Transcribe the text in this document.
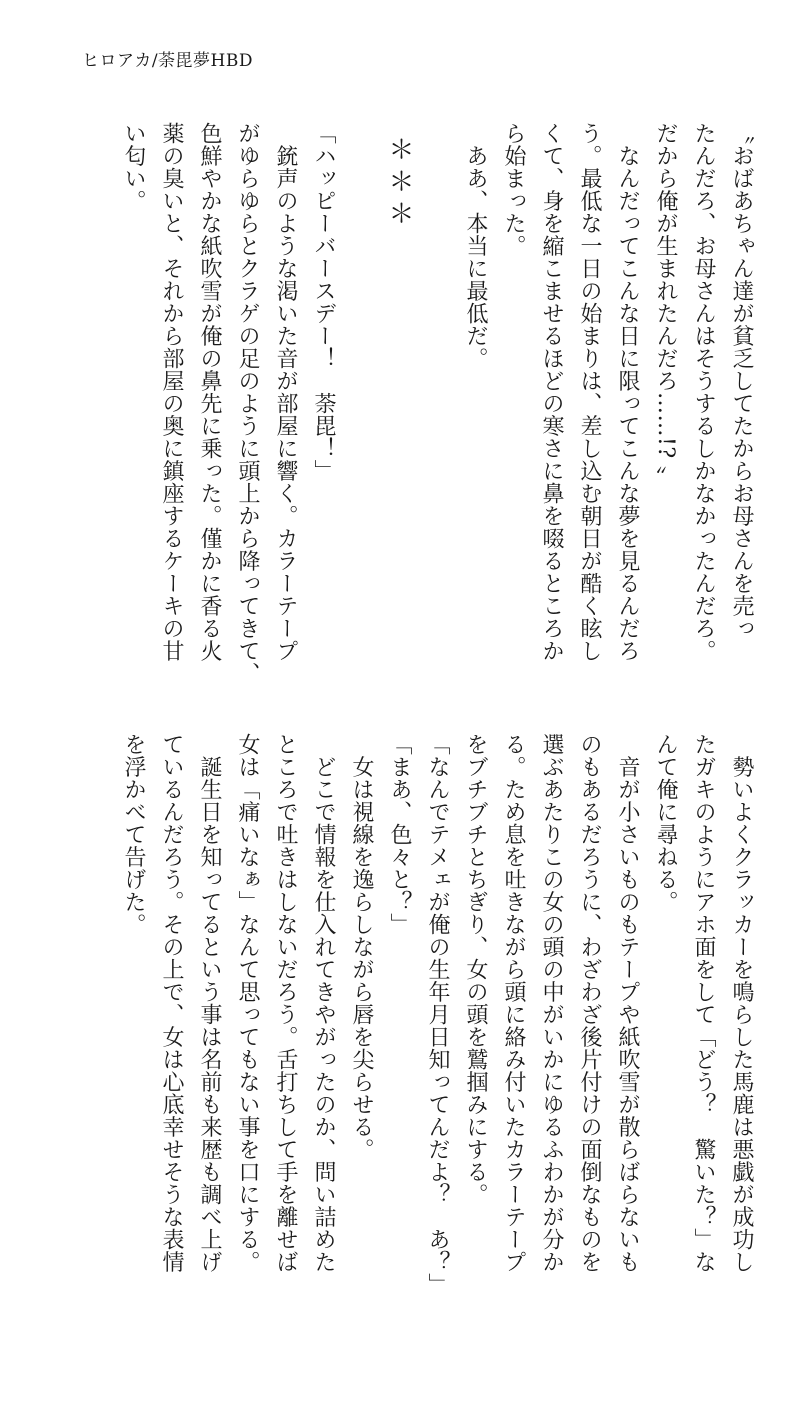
ヒロアカ/荼毘夢HBD
〝おばあちゃん達が貧乏してたからお母さんを売っ
たんだろ、お母さんはそうするしかなかったんだろ。
だから俺が生まれたんだろ……!? 〟
　なんだってこんな日に限ってこんな夢を見るんだろ
う。最低な一日の始まりは、差し込む朝日が酷く眩し
くて、身を縮こませるほどの寒さに鼻を啜るところか
ら始まった。
　ああ、本当に最低だ。
＊＊＊
「ハッピーバースデー！　荼毘！」
　銃声のような渇いた音が部屋に響く。カラーテープ
がゆらゆらとクラゲの足のように頭上から降ってきて、
色鮮やかな紙吹雪が俺の鼻先に乗った。僅かに香る火
薬の臭いと、それから部屋の奥に鎮座するケーキの甘
い匂い。
　勢いよくクラッカーを鳴らした馬鹿は悪戯が成功し
たガキのようにアホ面をして「どう？　驚いた？」な
んて俺に尋ねる。
　音が小さいものもテープや紙吹雪が散らばらないも
のもあるだろうに、わざわざ後片付けの面倒なものを
選ぶあたりこの女の頭の中がいかにゆるふわかが分か
る。ため息を吐きながら頭に絡み付いたカラーテープ
をブチブチとちぎり、女の頭を鷲掴みにする。
「なんでテメェが俺の生年月日知ってんだよ？　あ？」
「まあ、色々と？」
　女は視線を逸らしながら唇を尖らせる。
　どこで情報を仕入れてきやがったのか、問い詰めた
ところで吐きはしないだろう。舌打ちして手を離せば
女は「痛いなぁ」なんて思ってもない事を口にする。
　誕生日を知ってるという事は名前も来歴も調べ上げ
ているんだろう。その上で、女は心底幸せそうな表情
を浮かべて告げた。
